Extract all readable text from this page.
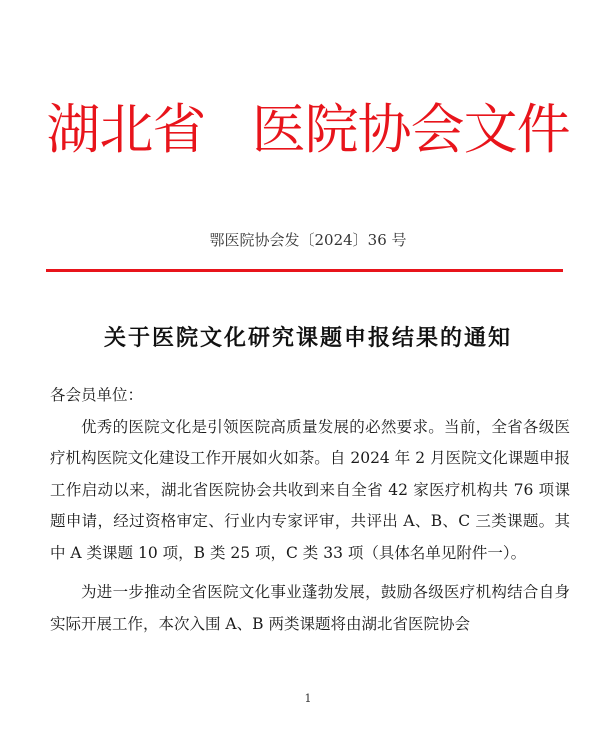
湖北省 医院协会文件
鄂医院协会发〔2024〕36 号
关于医院文化研究课题申报结果的通知

各会员单位：

优秀的医院文化是引领医院高质量发展的必然要求。当前，全省各级医疗机构医院文化建设工作开展如火如荼。自 2024 年 2 月医院文化课题申报工作启动以来，湖北省医院协会共收到来自全省 42 家医疗机构共 76 项课题申请，经过资格审定、行业内专家评审，共评出 A、B、C 三类课题。其中 A 类课题 10 项，B 类 25 项，C 类 33 项（具体名单见附件一）。

为进一步推动全省医院文化事业蓬勃发展，鼓励各级医疗机构结合自身实际开展工作，本次入围 A、B 两类课题将由湖北省医院协会

1
